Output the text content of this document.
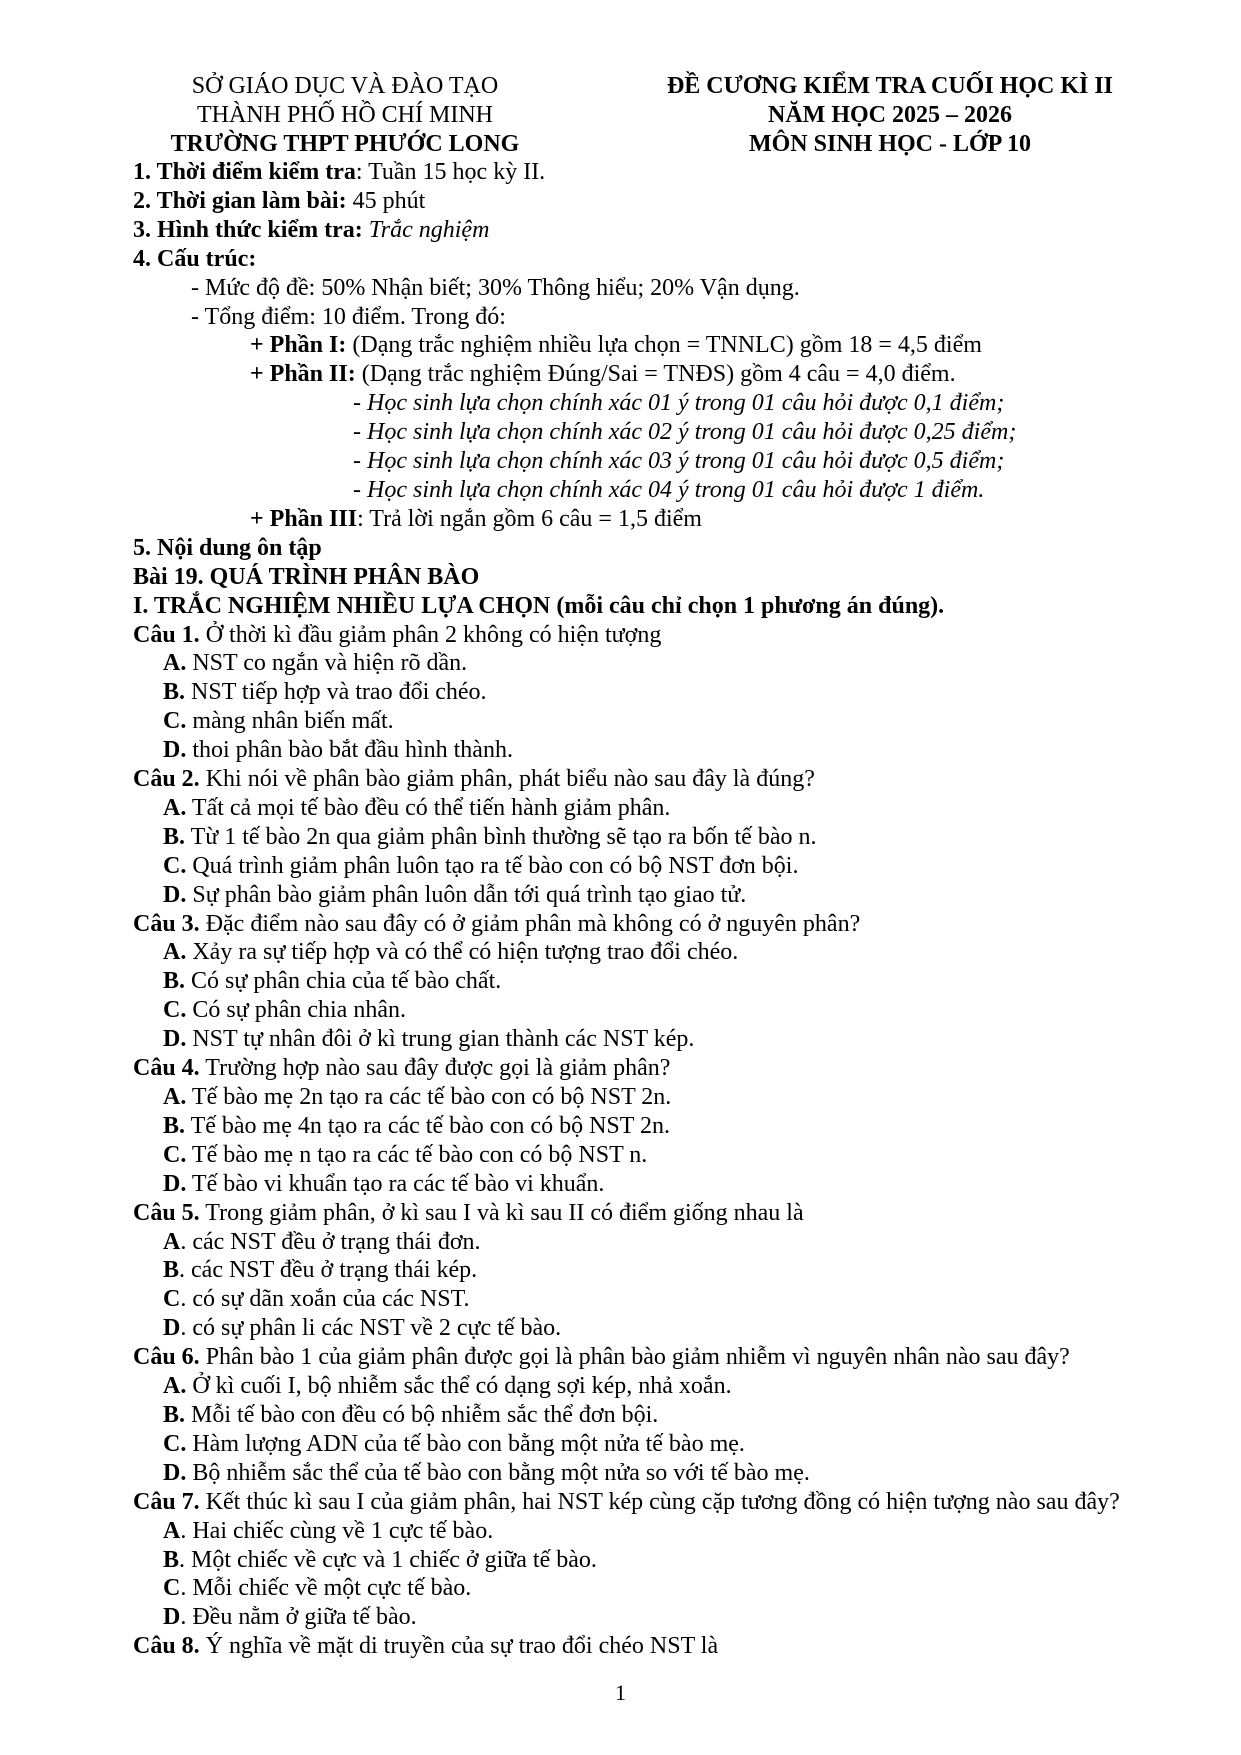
SỞ GIÁO DỤC VÀ ĐÀO TẠO
THÀNH PHỐ HỒ CHÍ MINH
TRƯỜNG THPT PHƯỚC LONG
ĐỀ CƯƠNG KIỂM TRA CUỐI HỌC KÌ II
NĂM HỌC 2025 – 2026
MÔN SINH HỌC - LỚP 10
1. Thời điểm kiểm tra: Tuần 15 học kỳ II.
2. Thời gian làm bài: 45 phút
3. Hình thức kiểm tra: Trắc nghiệm
4. Cấu trúc:
- Mức độ đề: 50% Nhận biết; 30% Thông hiểu; 20% Vận dụng.
- Tổng điểm: 10 điểm. Trong đó:
+ Phần I: (Dạng trắc nghiệm nhiều lựa chọn = TNNLC) gồm 18 = 4,5 điểm
+ Phần II: (Dạng trắc nghiệm Đúng/Sai = TNĐS) gồm 4 câu = 4,0 điểm.
- Học sinh lựa chọn chính xác 01 ý trong 01 câu hỏi được 0,1 điểm;
- Học sinh lựa chọn chính xác 02 ý trong 01 câu hỏi được 0,25 điểm;
- Học sinh lựa chọn chính xác 03 ý trong 01 câu hỏi được 0,5 điểm;
- Học sinh lựa chọn chính xác 04 ý trong 01 câu hỏi được 1 điểm.
+ Phần III: Trả lời ngắn gồm 6 câu = 1,5 điểm
5. Nội dung ôn tập
Bài 19. QUÁ TRÌNH PHÂN BÀO
I. TRẮC NGHIỆM NHIỀU LỰA CHỌN (mỗi câu chỉ chọn 1 phương án đúng).
Câu 1. Ở thời kì đầu giảm phân 2 không có hiện tượng
A. NST co ngắn và hiện rõ dần.
B. NST tiếp hợp và trao đổi chéo.
C. màng nhân biến mất.
D. thoi phân bào bắt đầu hình thành.
Câu 2. Khi nói về phân bào giảm phân, phát biểu nào sau đây là đúng?
A. Tất cả mọi tế bào đều có thể tiến hành giảm phân.
B. Từ 1 tế bào 2n qua giảm phân bình thường sẽ tạo ra bốn tế bào n.
C. Quá trình giảm phân luôn tạo ra tế bào con có bộ NST đơn bội.
D. Sự phân bào giảm phân luôn dẫn tới quá trình tạo giao tử.
Câu 3. Đặc điểm nào sau đây có ở giảm phân mà không có ở nguyên phân?
A. Xảy ra sự tiếp hợp và có thể có hiện tượng trao đổi chéo.
B. Có sự phân chia của tế bào chất.
C. Có sự phân chia nhân.
D. NST tự nhân đôi ở kì trung gian thành các NST kép.
Câu 4. Trường hợp nào sau đây được gọi là giảm phân?
A. Tế bào mẹ 2n tạo ra các tế bào con có bộ NST 2n.
B. Tế bào mẹ 4n tạo ra các tế bào con có bộ NST 2n.
C. Tế bào mẹ n tạo ra các tế bào con có bộ NST n.
D. Tế bào vi khuẩn tạo ra các tế bào vi khuẩn.
Câu 5. Trong giảm phân, ở kì sau I và kì sau II có điểm giống nhau là
A. các NST đều ở trạng thái đơn.
B. các NST đều ở trạng thái kép.
C. có sự dãn xoắn của các NST.
D. có sự phân li các NST về 2 cực tế bào.
Câu 6. Phân bào 1 của giảm phân được gọi là phân bào giảm nhiễm vì nguyên nhân nào sau đây?
A. Ở kì cuối I, bộ nhiễm sắc thể có dạng sợi kép, nhả xoắn.
B. Mỗi tế bào con đều có bộ nhiễm sắc thể đơn bội.
C. Hàm lượng ADN của tế bào con bằng một nửa tế bào mẹ.
D. Bộ nhiễm sắc thể của tế bào con bằng một nửa so với tế bào mẹ.
Câu 7. Kết thúc kì sau I của giảm phân, hai NST kép cùng cặp tương đồng có hiện tượng nào sau đây?
A. Hai chiếc cùng về 1 cực tế bào.
B. Một chiếc về cực và 1 chiếc ở giữa tế bào.
C. Mỗi chiếc về một cực tế bào.
D. Đều nằm ở giữa tế bào.
Câu 8. Ý nghĩa về mặt di truyền của sự trao đổi chéo NST là
1
